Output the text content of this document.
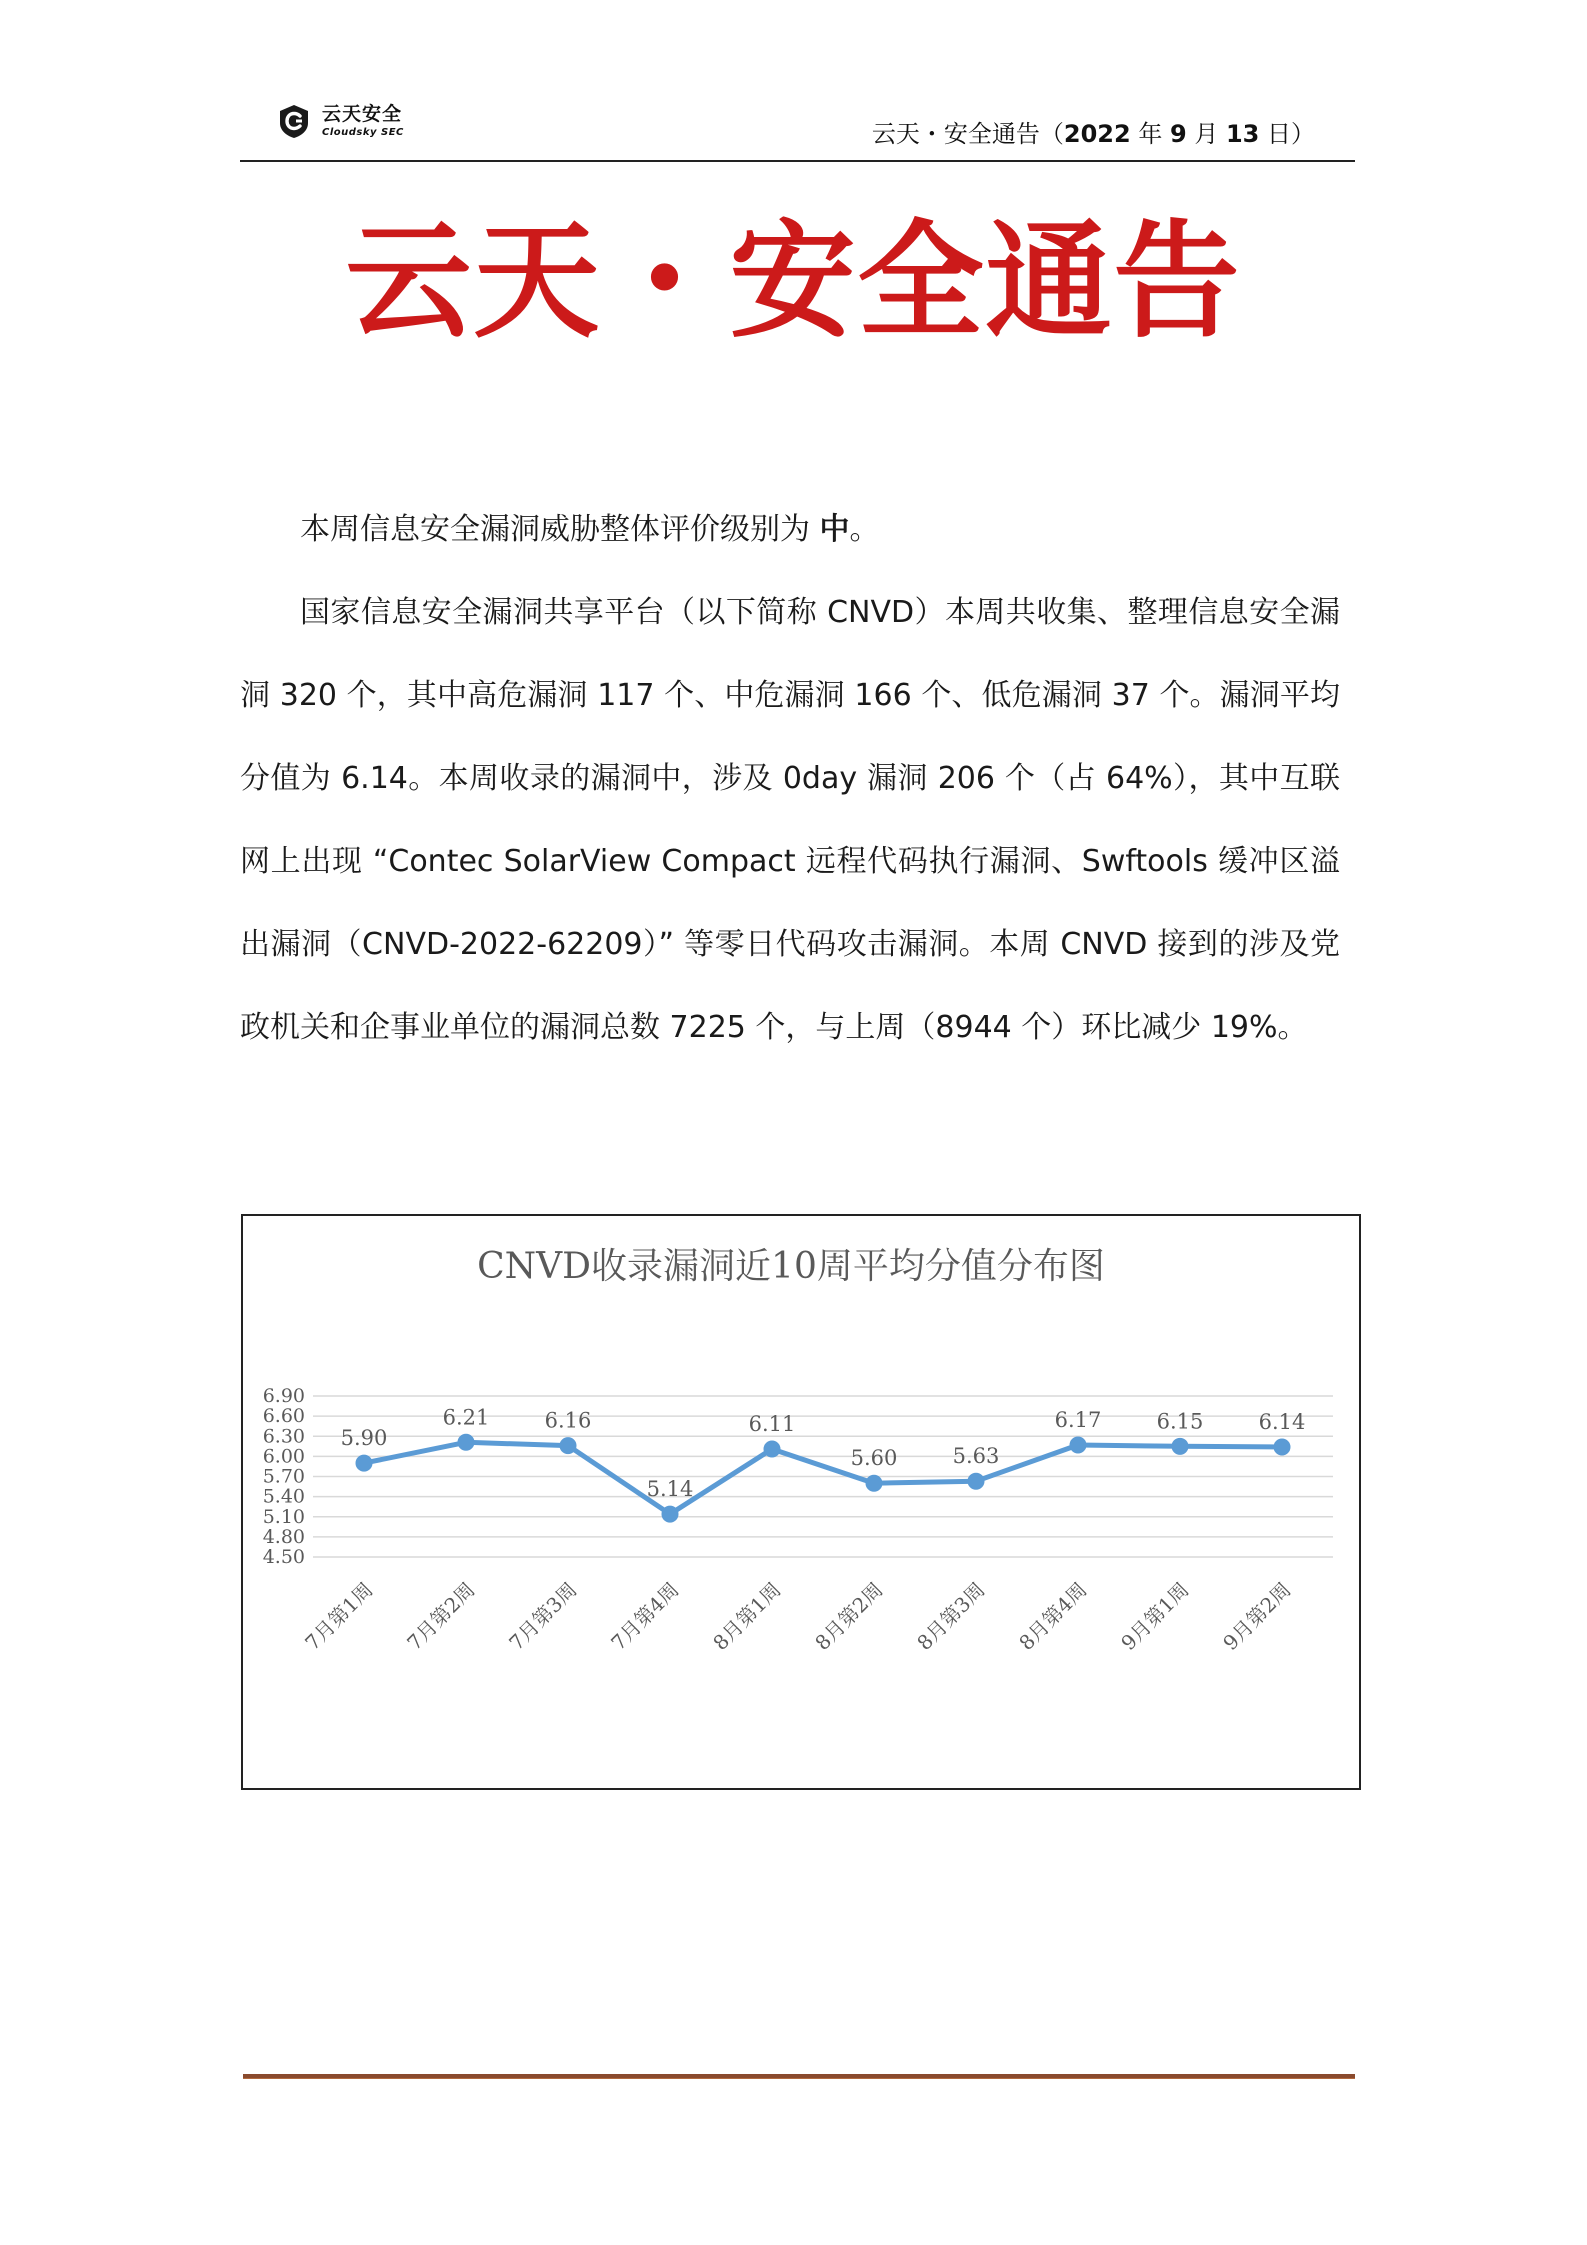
云天安全
Cloudsky SEC	云天・安全通告（2022 年 9 月 13 日）
云天・安全通告

本周信息安全漏洞威胁整体评价级别为 中。

国家信息安全漏洞共享平台（以下简称 CNVD）本周共收集、整理信息安全漏洞 320 个，其中高危漏洞 117 个、中危漏洞 166 个、低危漏洞 37 个。漏洞平均分值为 6.14。本周收录的漏洞中，涉及 0day 漏洞 206 个（占 64%），其中互联网上出现 “Contec SolarView Compact 远程代码执行漏洞、Swftools 缓冲区溢出漏洞（CNVD-2022-62209）” 等零日代码攻击漏洞。本周 CNVD 接到的涉及党政机关和企事业单位的漏洞总数 7225 个，与上周（8944 个）环比减少 19%。

CNVD收录漏洞近10周平均分值分布图
6.90
6.60
6.30
6.00
5.70
5.40
5.10
4.80
4.50
7月第1周 7月第2周 7月第3周 7月第4周 8月第1周 8月第2周 8月第3周 8月第4周 9月第1周 9月第2周
5.90
6.21	6.16
5.14
6.11
5.60	5.63
6.17	6.15	6.14
